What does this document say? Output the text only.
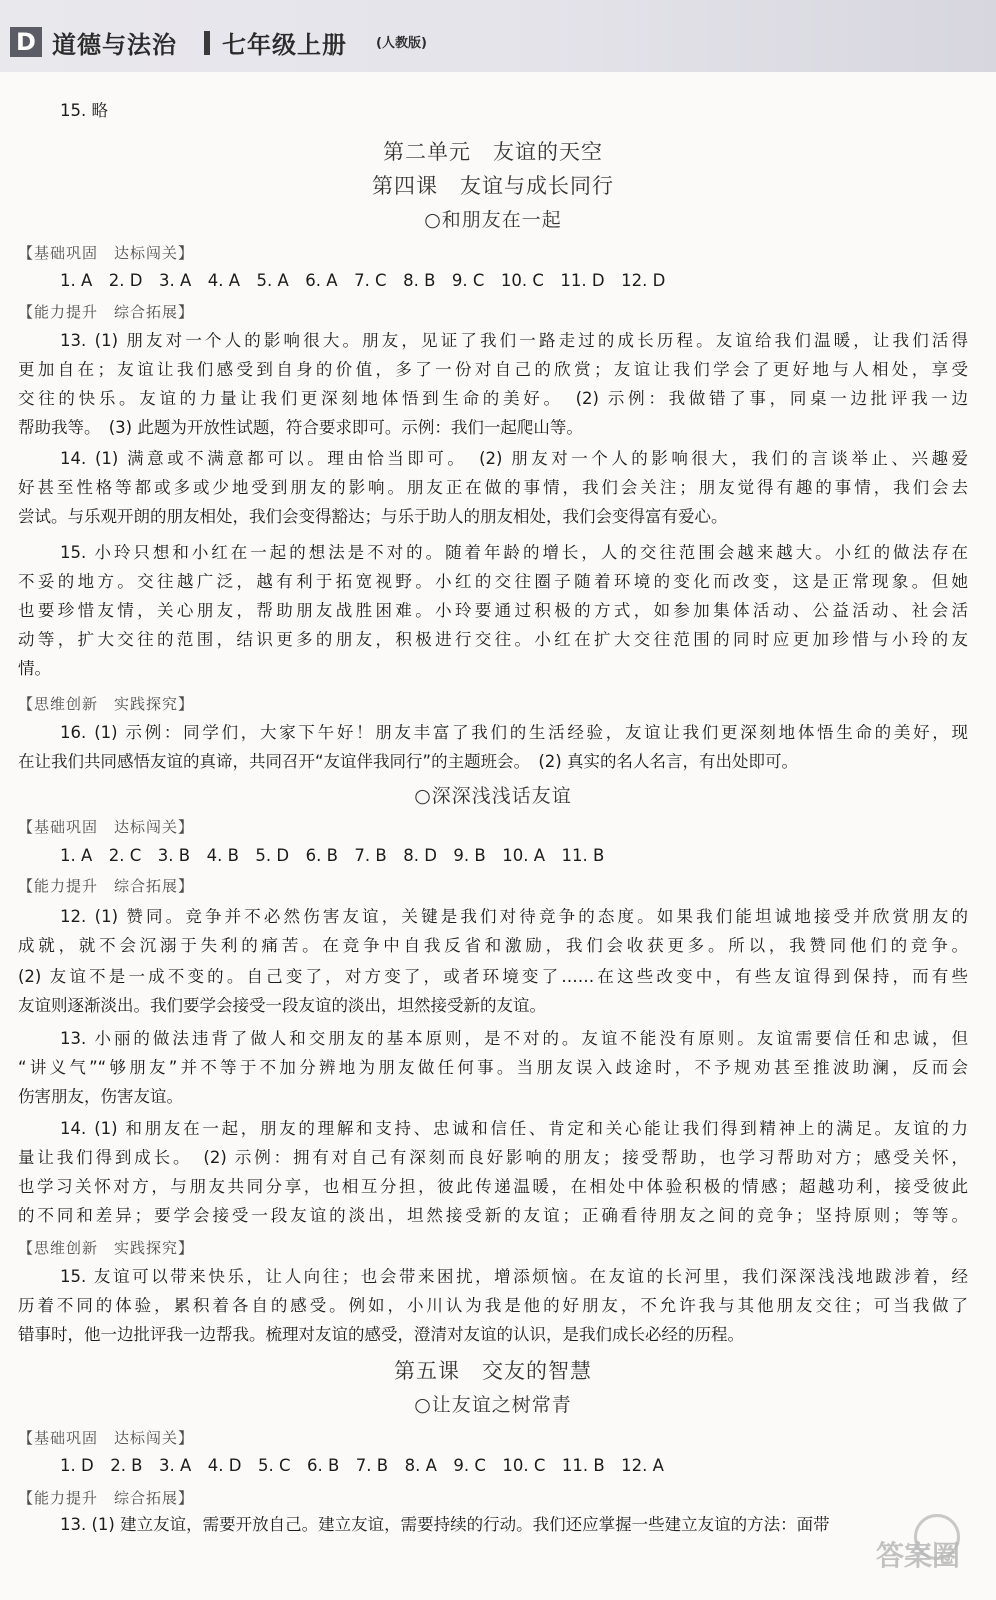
D 道德与法治 七年级上册 (人教版)
15. 略
第二单元　友谊的天空
第四课　友谊与成长同行
○和朋友在一起
【基础巩固　达标闯关】
1. A　2. D　3. A　4. A　5. A　6. A　7. C　8. B　9. C　10. C　11. D　12. D
【能力提升　综合拓展】
13. (1) 朋友对一个人的影响很大。朋友，见证了我们一路走过的成长历程。友谊给我们温暖，让我们活得
更加自在；友谊让我们感受到自身的价值，多了一份对自己的欣赏；友谊让我们学会了更好地与人相处，享受
交往的快乐。友谊的力量让我们更深刻地体悟到生命的美好。　(2) 示例：我做错了事，同桌一边批评我一边
帮助我等。　(3) 此题为开放性试题，符合要求即可。示例：我们一起爬山等。
14. (1) 满意或不满意都可以。理由恰当即可。　(2) 朋友对一个人的影响很大，我们的言谈举止、兴趣爱
好甚至性格等都或多或少地受到朋友的影响。朋友正在做的事情，我们会关注；朋友觉得有趣的事情，我们会去
尝试。与乐观开朗的朋友相处，我们会变得豁达；与乐于助人的朋友相处，我们会变得富有爱心。
15. 小玲只想和小红在一起的想法是不对的。随着年龄的增长，人的交往范围会越来越大。小红的做法存在
不妥的地方。交往越广泛，越有利于拓宽视野。小红的交往圈子随着环境的变化而改变，这是正常现象。但她
也要珍惜友情，关心朋友，帮助朋友战胜困难。小玲要通过积极的方式，如参加集体活动、公益活动、社会活
动等，扩大交往的范围，结识更多的朋友，积极进行交往。小红在扩大交往范围的同时应更加珍惜与小玲的友
情。
【思维创新　实践探究】
16. (1) 示例：同学们，大家下午好！朋友丰富了我们的生活经验，友谊让我们更深刻地体悟生命的美好，现
在让我们共同感悟友谊的真谛，共同召开“友谊伴我同行”的主题班会。　(2) 真实的名人名言，有出处即可。
○深深浅浅话友谊
【基础巩固　达标闯关】
1. A　2. C　3. B　4. B　5. D　6. B　7. B　8. D　9. B　10. A　11. B
【能力提升　综合拓展】
12. (1) 赞同。竞争并不必然伤害友谊，关键是我们对待竞争的态度。如果我们能坦诚地接受并欣赏朋友的
成就，就不会沉溺于失利的痛苦。在竞争中自我反省和激励，我们会收获更多。所以，我赞同他们的竞争。
(2) 友谊不是一成不变的。自己变了，对方变了，或者环境变了……在这些改变中，有些友谊得到保持，而有些
友谊则逐渐淡出。我们要学会接受一段友谊的淡出，坦然接受新的友谊。
13. 小丽的做法违背了做人和交朋友的基本原则，是不对的。友谊不能没有原则。友谊需要信任和忠诚，但
“讲义气”“够朋友”并不等于不加分辨地为朋友做任何事。当朋友误入歧途时，不予规劝甚至推波助澜，反而会
伤害朋友，伤害友谊。
14. (1) 和朋友在一起，朋友的理解和支持、忠诚和信任、肯定和关心能让我们得到精神上的满足。友谊的力
量让我们得到成长。　(2) 示例：拥有对自己有深刻而良好影响的朋友；接受帮助，也学习帮助对方；感受关怀，
也学习关怀对方，与朋友共同分享，也相互分担，彼此传递温暖，在相处中体验积极的情感；超越功利，接受彼此
的不同和差异；要学会接受一段友谊的淡出，坦然接受新的友谊；正确看待朋友之间的竞争；坚持原则；等等。
【思维创新　实践探究】
15. 友谊可以带来快乐，让人向往；也会带来困扰，增添烦恼。在友谊的长河里，我们深深浅浅地跋涉着，经
历着不同的体验，累积着各自的感受。例如，小川认为我是他的好朋友，不允许我与其他朋友交往；可当我做了
错事时，他一边批评我一边帮我。梳理对友谊的感受，澄清对友谊的认识，是我们成长必经的历程。
第五课　交友的智慧
○让友谊之树常青
【基础巩固　达标闯关】
1. D　2. B　3. A　4. D　5. C　6. B　7. B　8. A　9. C　10. C　11. B　12. A
【能力提升　综合拓展】
13. (1) 建立友谊，需要开放自己。建立友谊，需要持续的行动。我们还应掌握一些建立友谊的方法：面带
答案圈
